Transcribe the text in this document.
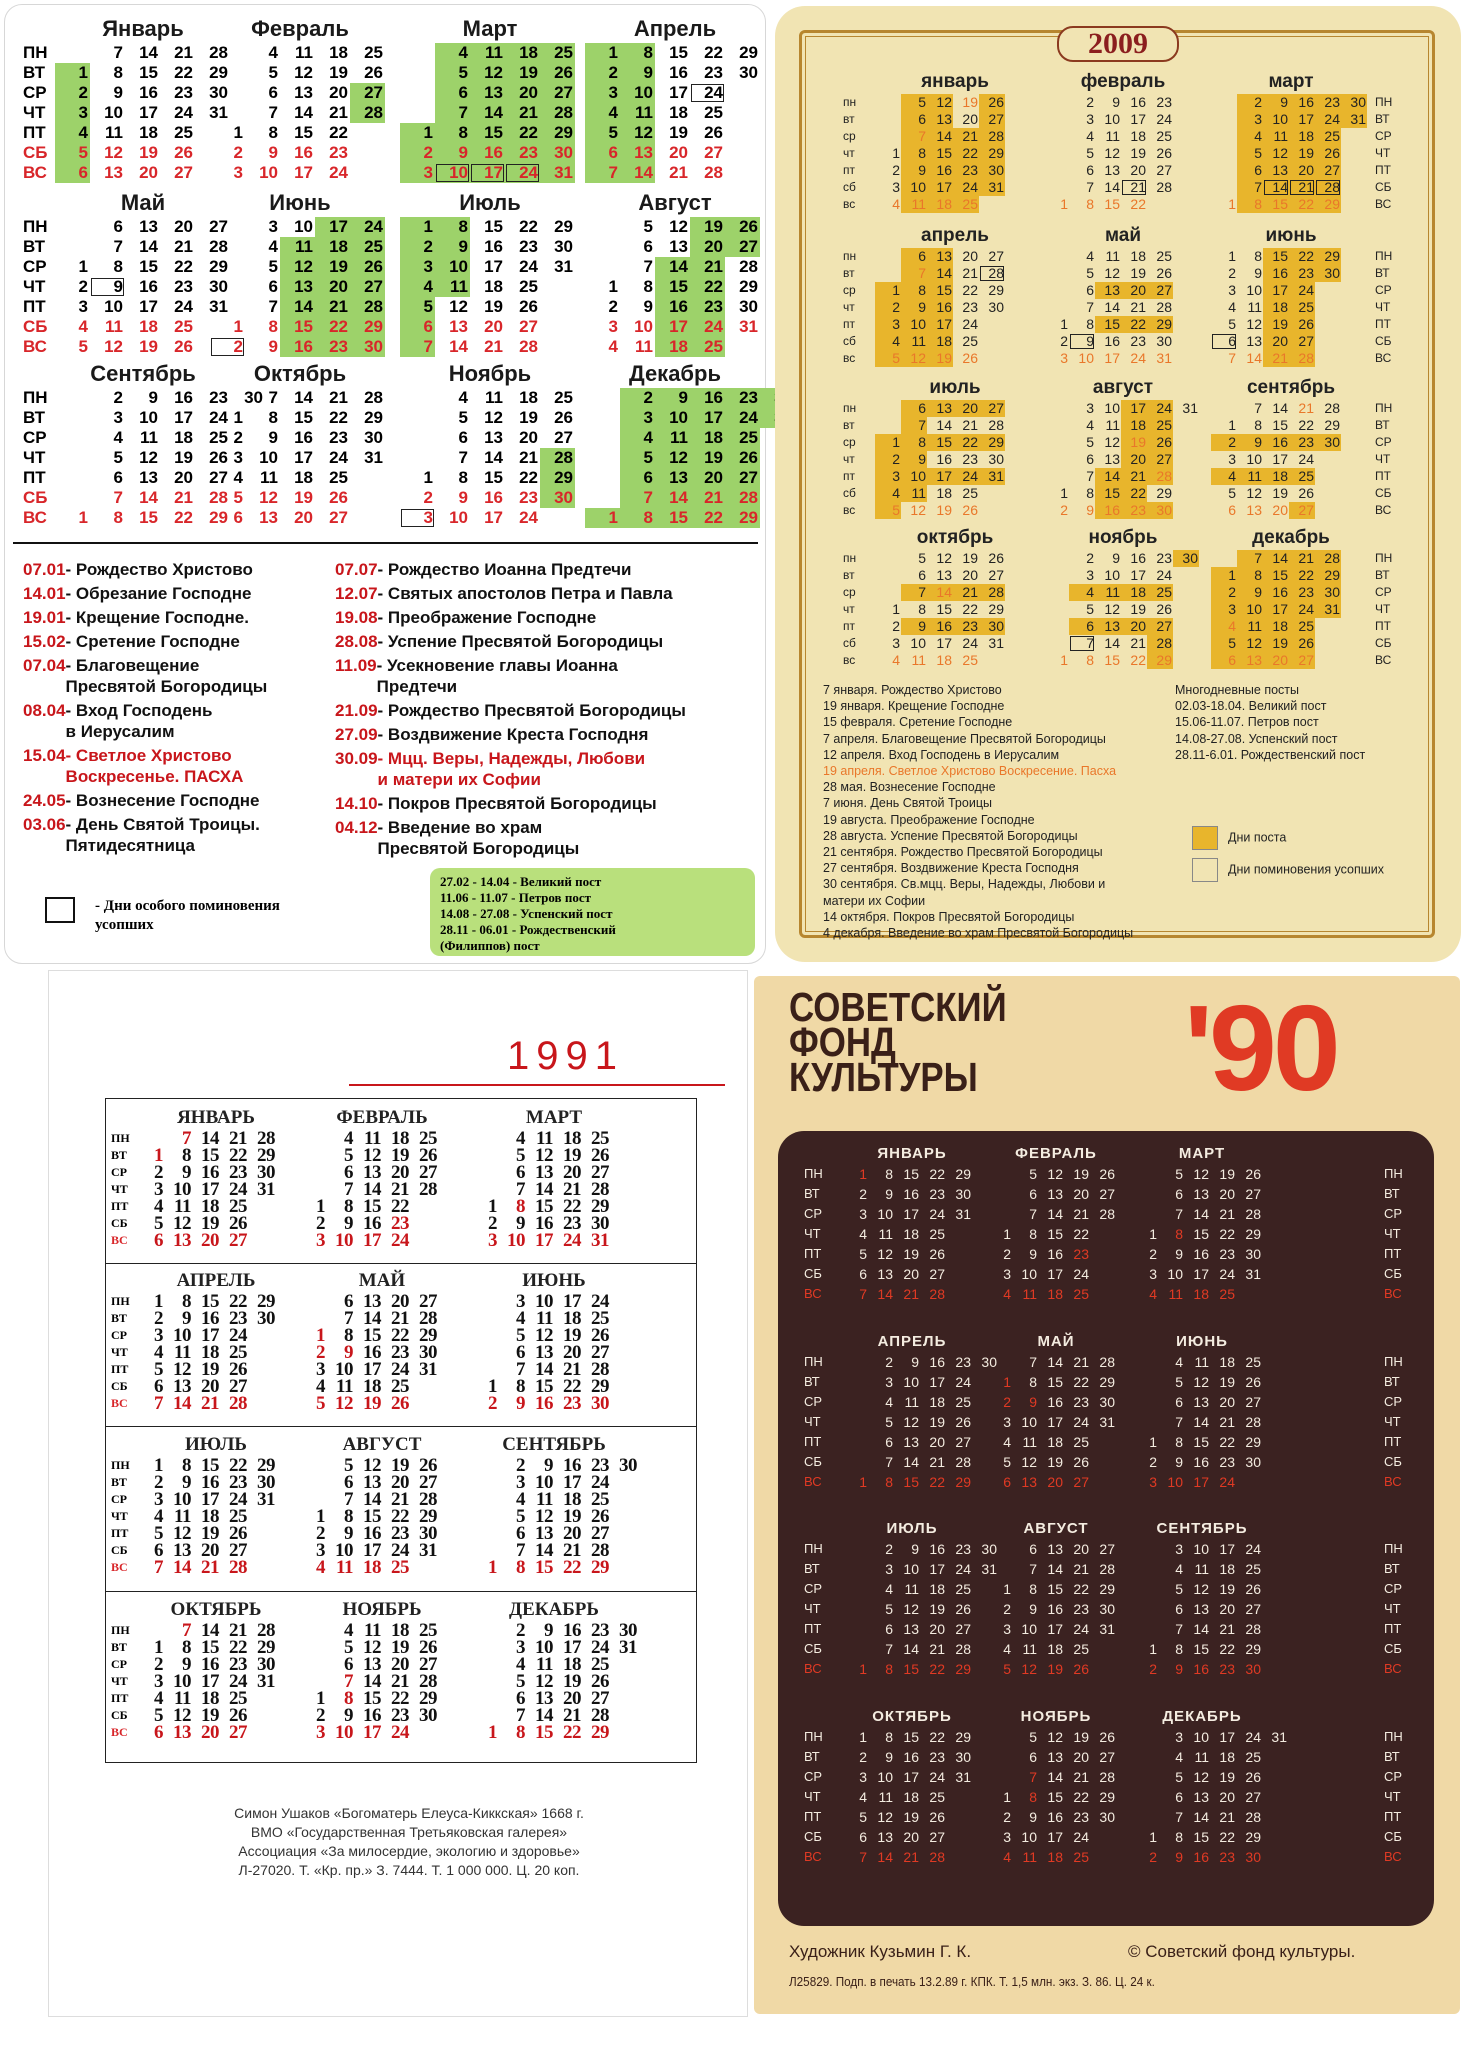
Январь
ПН
ВТ
СР
ЧТ
ПТ
СБ
ВС

1
2
3
4
5
6
7
8
9
10
11
12
13
14
15
16
17
18
19
20
21
22
23
24
25
26
27
28
29
30
31

Февраль

1
2
3
4
5
6
7
8
9
10
11
12
13
14
15
16
17
18
19
20
21
22
23
24
25
26
27
28

Март

1
2
3
4
5
6
7
8
9
10
11
12
13
14
15
16
17
18
19
20
21
22
23
24
25
26
27
28
29
30
31
Апрель
1
2
3
4
5
6
7
8
9
10
11
12
13
14
15
16
17
18
19
20
21
22
23
24
25
26
27
28
29
30

Май
ПН
ВТ
СР
ЧТ
ПТ
СБ
ВС

1
2
3
4
5
6
7
8
9
10
11
12
13
14
15
16
17
18
19
20
21
22
23
24
25
26
27
28
29
30
31

Июнь

1
2
3
4
5
6
7
8
9
10
11
12
13
14
15
16
17
18
19
20
21
22
23
24
25
26
27
28
29
30
Июль
1
2
3
4
5
6
7
8
9
10
11
12
13
14
15
16
17
18
19
20
21
22
23
24
25
26
27
28
29
30
31

Август

1
2
3
4
5
6
7
8
9
10
11
12
13
14
15
16
17
18
19
20
21
22
23
24
25
26
27
28
29
30
31

Сентябрь
ПН
ВТ
СР
ЧТ
ПТ
СБ
ВС

	1
2
3
4
5
6
7
8
9
10
11
12
13
14
15
16
17
18
19
20
21
22
23
24
25
26
27
28
29
30

Октябрь

1
2
3
4
5
6
7
8
9
10
11
12
13
14
15
16
17
18
19
20
21
22
23
24
25
26
27
28
29
30
31

Ноябрь

1
2
3
4
5
6
7
8
9
10
11
12
13
14
15
16
17
18
19
20
21
22
23
24
25
26
27
28
29
30

Декабрь

1
2
3
4
5
6
7
8
9
10
11
12
13
14
15
16
17
18
19
20
21
22
23
24
25
26
27
28
29

07.01- Рождество Христово
14.01- Обрезание Господне
19.01- Крещение Господне.
15.02- Сретение Господне
07.04- Благовещение
Пресвятой Богородицы
08.04- Вход Господень
в Иерусалим
15.04- Светлое Христово
Воскресенье. ПАСХА
24.05- Вознесение Господне
03.06- День Святой Троицы.
Пятидесятница
07.07- Рождество Иоанна Предтечи
12.07- Святых апостолов Петра и Павла
19.08- Преображение Господне
28.08- Успение Пресвятой Богородицы
11.09- Усекновение главы Иоанна
Предтечи
21.09- Рождество Пресвятой Богородицы
27.09- Воздвижение Креста Господня
30.09- Мцц. Веры, Надежды, Любови
и матери их Софии
14.10- Покров Пресвятой Богородицы
04.12- Введение во храм
Пресвятой Богородицы
- Дни особого поминовения
усопших
27.02 - 14.04 - Великий пост
11.06 - 11.07 - Петров пост
14.08 - 27.08 - Успенский пост
28.11 - 06.01 - Рождественский
(Филиппов) пост
2009
январь

1
2
3
4
5
6
7
8
9
10
11
12
13
14
15
16
17
18
19
20
21
22
23
24
25
26
27
28
29
30
31

февраль

1
2
3
4
5
6
7
8
9
10
11
12
13
14
15
16
17
18
19
20
21
22
23
24
25
26
27
28

март

1
2
3
4
5
6
7
8
9
10
11
12
13
14
15
16
17
18
19
20
21
22
23
24
25
26
27
28
29
30
31

апрель

1
2
3
4
5
6
7
8
9
10
11
12
13
14
15
16
17
18
19
20
21
22
23
24
25
26
27
28
29
30

май

1
2
3
4
5
6
7
8
9
10
11
12
13
14
15
16
17
18
19
20
21
22
23
24
25
26
27
28
29
30
31
июнь
1
2
3
4
5
6
7
8
9
10
11
12
13
14
15
16
17
18
19
20
21
22
23
24
25
26
27
28
29
30

июль

1
2
3
4
5
6
7
8
9
10
11
12
13
14
15
16
17
18
19
20
21
22
23
24
25
26
27
28
29
30
31

август

1
2
3
4
5
6
7
8
9
10
11
12
13
14
15
16
17
18
19
20
21
22
23
24
25
26
27
28
29
30
31

сентябрь

1
2
3
4
5
6
7
8
9
10
11
12
13
14
15
16
17
18
19
20
21
22
23
24
25
26
27
28
29
30

октябрь

1
2
3
4
5
6
7
8
9
10
11
12
13
14
15
16
17
18
19
20
21
22
23
24
25
26
27
28
29
30
31

ноябрь

1
2
3
4
5
6
7
8
9
10
11
12
13
14
15
16
17
18
19
20
21
22
23
24
25
26
27
28
29
30

декабрь

1
2
3
4
5
6
7
8
9
10
11
12
13
14
15
16
17
18
19
20
21
22
23
24
25
26
27
28
29
30
31

пн
вт
ср
чт
пт
сб
вс
ПН
ВТ
СР
ЧТ
ПТ
СБ
ВС
пн
вт
ср
чт
пт
сб
вс
ПН
ВТ
СР
ЧТ
ПТ
СБ
ВС
пн
вт
ср
чт
пт
сб
вс
ПН
ВТ
СР
ЧТ
ПТ
СБ
ВС
пн
вт
ср
чт
пт
сб
вс
ПН
ВТ
СР
ЧТ
ПТ
СБ
ВС
7 января. Рождество Христово
19 января. Крещение Господне
15 февраля. Сретение Господне
7 апреля. Благовещение Пресвятой Богородицы
12 апреля. Вход Господень в Иерусалим
19 апреля. Светлое Христово Воскресение. Пасха
28 мая. Вознесение Господне
7 июня. День Святой Троицы
19 августа. Преображение Господне
28 августа. Успение Пресвятой Богородицы
21 сентября. Рождество Пресвятой Богородицы
27 сентября. Воздвижение Креста Господня
30 сентября. Св.мцц. Веры, Надежды, Любови и
матери их Софии
14 октября. Покров Пресвятой Богородицы
4 декабря. Введение во храм Пресвятой Богородицы
Многодневные посты
02.03-18.04. Великий пост
15.06-11.07. Петров пост
14.08-27.08. Успенский пост
28.11-6.01. Рождественский пост
Дни поста
Дни поминовения усопших
1991
ЯНВАРЬ
ПН
ВТ
СР
ЧТ
ПТ
СБ
ВС

1
2
3
4
5
6
7
8
9
10
11
12
13
14
15
16
17
18
19
20
21
22
23
24
25
26
27
28
29
30
31

ФЕВРАЛЬ

1
2
3
4
5
6
7
8
9
10
11
12
13
14
15
16
17
18
19
20
21
22
23
24
25
26
27
28

МАРТ

1
2
3
4
5
6
7
8
9
10
11
12
13
14
15
16
17
18
19
20
21
22
23
24
25
26
27
28
29
30
31
АПРЕЛЬ
ПН
ВТ
СР
ЧТ
ПТ
СБ
ВС
1
2
3
4
5
6
7
8
9
10
11
12
13
14
15
16
17
18
19
20
21
22
23
24
25
26
27
28
29
30

МАЙ

1
2
3
4
5
6
7
8
9
10
11
12
13
14
15
16
17
18
19
20
21
22
23
24
25
26
27
28
29
30
31

ИЮНЬ

1
2
3
4
5
6
7
8
9
10
11
12
13
14
15
16
17
18
19
20
21
22
23
24
25
26
27
28
29
30
ИЮЛЬ
ПН
ВТ
СР
ЧТ
ПТ
СБ
ВС
1
2
3
4
5
6
7
8
9
10
11
12
13
14
15
16
17
18
19
20
21
22
23
24
25
26
27
28
29
30
31

АВГУСТ

1
2
3
4
5
6
7
8
9
10
11
12
13
14
15
16
17
18
19
20
21
22
23
24
25
26
27
28
29
30
31

СЕНТЯБРЬ

1
2
3
4
5
6
7
8
9
10
11
12
13
14
15
16
17
18
19
20
21
22
23
24
25
26
27
28
29
30

ОКТЯБРЬ
ПН
ВТ
СР
ЧТ
ПТ
СБ
ВС

1
2
3
4
5
6
7
8
9
10
11
12
13
14
15
16
17
18
19
20
21
22
23
24
25
26
27
28
29
30
31

НОЯБРЬ

1
2
3
4
5
6
7
8
9
10
11
12
13
14
15
16
17
18
19
20
21
22
23
24
25
26
27
28
29
30

ДЕКАБРЬ

1
2
3
4
5
6
7
8
9
10
11
12
13
14
15
16
17
18
19
20
21
22
23
24
25
26
27
28
29
30
31

Симон Ушаков «Богоматерь Елеуса-Киккская» 1668 г.
ВМО «Государственная Третьяковская галерея»
Ассоциация «За милосердие, экологию и здоровье»
Л-27020. Т. «Кр. пр.» З. 7444. Т. 1 000 000. Ц. 20 коп.
СОВЕТСКИЙ
ФОНД
КУЛЬТУРЫ '90
ЯНВАРЬ
1
2
3
4
5
6
7
8
9
10
11
12
13
14
15
16
17
18
19
20
21
22
23
24
25
26
27
28
29
30
31

ФЕВРАЛЬ

1
2
3
4
5
6
7
8
9
10
11
12
13
14
15
16
17
18
19
20
21
22
23
24
25
26
27
28

МАРТ

1
2
3
4
5
6
7
8
9
10
11
12
13
14
15
16
17
18
19
20
21
22
23
24
25
26
27
28
29
30
31

АПРЕЛЬ

1
2
3
4
5
6
7
8
9
10
11
12
13
14
15
16
17
18
19
20
21
22
23
24
25
26
27
28
29
30

МАЙ

1
2
3
4
5
6
7
8
9
10
11
12
13
14
15
16
17
18
19
20
21
22
23
24
25
26
27
28
29
30
31

ИЮНЬ

1
2
3
4
5
6
7
8
9
10
11
12
13
14
15
16
17
18
19
20
21
22
23
24
25
26
27
28
29
30

ИЮЛЬ

1
2
3
4
5
6
7
8
9
10
11
12
13
14
15
16
17
18
19
20
21
22
23
24
25
26
27
28
29
30
31

АВГУСТ

1
2
3
4
5
6
7
8
9
10
11
12
13
14
15
16
17
18
19
20
21
22
23
24
25
26
27
28
29
30
31

СЕНТЯБРЬ

1
2
3
4
5
6
7
8
9
10
11
12
13
14
15
16
17
18
19
20
21
22
23
24
25
26
27
28
29
30
ОКТЯБРЬ
1
2
3
4
5
6
7
8
9
10
11
12
13
14
15
16
17
18
19
20
21
22
23
24
25
26
27
28
29
30
31

НОЯБРЬ

1
2
3
4
5
6
7
8
9
10
11
12
13
14
15
16
17
18
19
20
21
22
23
24
25
26
27
28
29
30

ДЕКАБРЬ

1
2
3
4
5
6
7
8
9
10
11
12
13
14
15
16
17
18
19
20
21
22
23
24
25
26
27
28
29
30
31

ПН
ВТ
СР
ЧТ
ПТ
СБ
ВС
ПН
ВТ
СР
ЧТ
ПТ
СБ
ВС
ПН
ВТ
СР
ЧТ
ПТ
СБ
ВС
ПН
ВТ
СР
ЧТ
ПТ
СБ
ВС
ПН
ВТ
СР
ЧТ
ПТ
СБ
ВС
ПН
ВТ
СР
ЧТ
ПТ
СБ
ВС
ПН
ВТ
СР
ЧТ
ПТ
СБ
ВС
ПН
ВТ
СР
ЧТ
ПТ
СБ
ВС
Художник Кузьмин Г. К.	© Советский фонд культуры.
Л25829. Подп. в печать 13.2.89 г. КПК. Т. 1,5 млн. экз. З. 86. Ц. 24 к.
